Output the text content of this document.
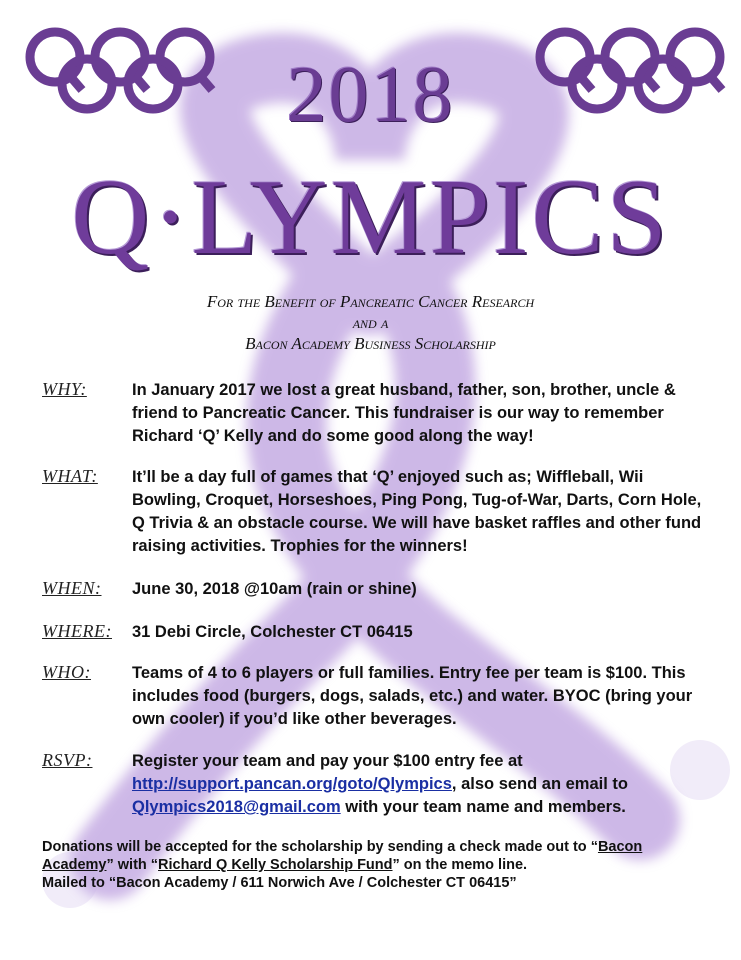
2018
Q·LYMPICS
For the Benefit of Pancreatic Cancer Research
and a
Bacon Academy Business Scholarship
WHY:	In January 2017 we lost a great husband, father, son, brother, uncle & friend to Pancreatic Cancer. This fundraiser is our way to remember Richard ‘Q’ Kelly and do some good along the way!
WHAT: It’ll be a day full of games that ‘Q’ enjoyed such as; Wiffleball, Wii Bowling, Croquet, Horseshoes, Ping Pong, Tug-of-War, Darts, Corn Hole, Q Trivia & an obstacle course. We will have basket raffles and other fund raising activities. Trophies for the winners!
WHEN: June 30, 2018 @10am (rain or shine)
WHERE: 31 Debi Circle, Colchester CT 06415
WHO: Teams of 4 to 6 players or full families. Entry fee per team is $100. This includes food (burgers, dogs, salads, etc.) and water. BYOC (bring your own cooler) if you’d like other beverages.
RSVP: Register your team and pay your $100 entry fee at
http://support.pancan.org/goto/Qlympics, also send an email to
Qlympics2018@gmail.com with your team name and members.
Donations will be accepted for the scholarship by sending a check made out to “Bacon Academy” with “Richard Q Kelly Scholarship Fund” on the memo line.
Mailed to “Bacon Academy / 611 Norwich Ave / Colchester CT 06415”
